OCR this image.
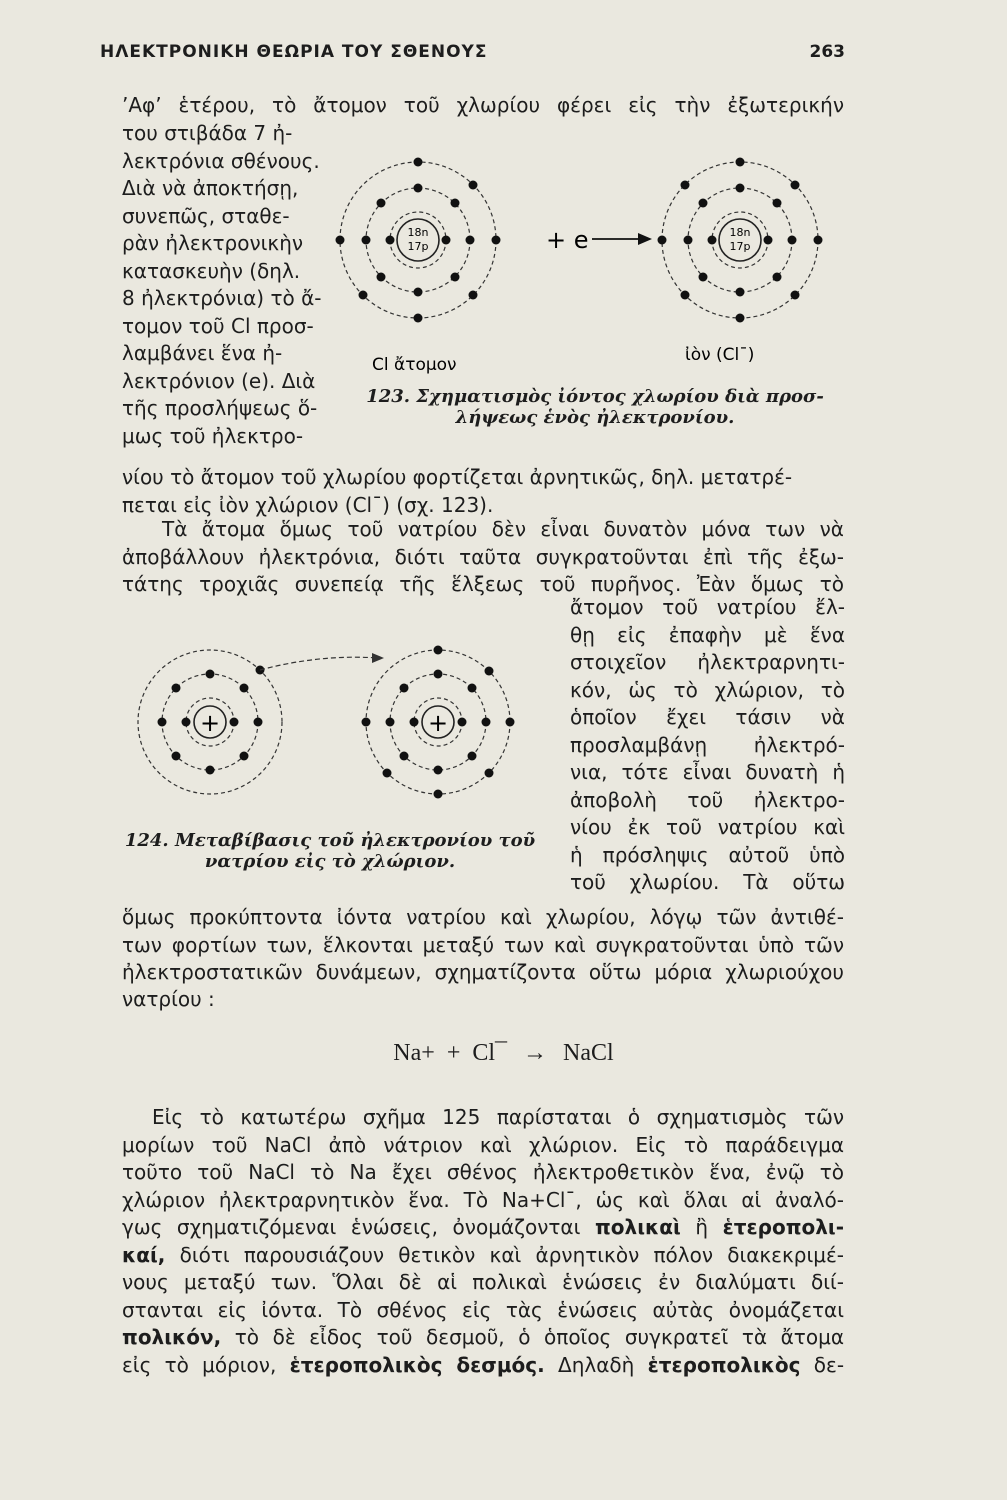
ΗΛΕΚΤΡΟΝΙΚΗ ΘΕΩΡΙΑ ΤΟΥ ΣΘΕΝΟΥΣ	263
’Αφ’ ἑτέρου, τὸ ἄτομον τοῦ χλωρίου φέρει εἰς τὴν ἐξωτερικήν
του στιβάδα 7 ἠ-
λεκτρόνια σθένους.
Διὰ νὰ ἀποκτήσῃ,
συνεπῶς, σταθε-
ρὰν ἠλεκτρονικὴν
κατασκευὴν (δηλ.
8 ἠλεκτρόνια) τὸ ἄ-
τομον τοῦ Cl προσ-
λαμβάνει ἕνα ἠ-
λεκτρόνιον (e). Διὰ
τῆς προσλήψεως ὅ-
μως τοῦ ἠλεκτρο-
18n
17p	+ e	18n
17p
Cl ἄτομον	ἰὸν (Cl¯)
123. Σχηματισμὸς ἰόντος χλωρίου διὰ προσ-
λήψεως ἑνὸς ἠλεκτρονίου.
νίου τὸ ἄτομον τοῦ χλωρίου φορτίζεται ἀρνητικῶς, δηλ. μετατρέ-
πεται εἰς ἰὸν χλώριον (Cl¯) (σχ. 123).
Τὰ ἄτομα ὅμως τοῦ νατρίου δὲν εἶναι δυνατὸν μόνα των νὰ
ἀποβάλλουν ἠλεκτρόνια, διότι ταῦτα συγκρατοῦνται ἐπὶ τῆς ἐξω-
τάτης τροχιᾶς συνεπείᾳ τῆς ἕλξεως τοῦ πυρῆνος. Ἐὰν ὅμως τὸ
+	+
124. Μεταβίβασις τοῦ ἠλεκτρονίου τοῦ
νατρίου εἰς τὸ χλώριον.
ἄτομον τοῦ νατρίου ἔλ-
θῃ εἰς ἐπαφὴν μὲ ἕνα
στοιχεῖον ἠλεκτραρνητι-
κόν, ὡς τὸ χλώριον, τὸ
ὁποῖον ἔχει τάσιν νὰ
προσλαμβάνῃ ἠλεκτρό-
νια, τότε εἶναι δυνατὴ ἡ
ἀποβολὴ τοῦ ἠλεκτρο-
νίου ἐκ τοῦ νατρίου καὶ
ἡ πρόσληψις αὐτοῦ ὑπὸ
τοῦ χλωρίου. Τὰ οὕτω
ὅμως προκύπτοντα ἰόντα νατρίου καὶ χλωρίου, λόγῳ τῶν ἀντιθέ-
των φορτίων των, ἕλκονται μεταξύ των καὶ συγκρατοῦνται ὑπὸ τῶν
ἠλεκτροστατικῶν δυνάμεων, σχηματίζοντα οὕτω μόρια χλωριούχου
νατρίου :
Na+ + Cl¯ → NaCl
Εἰς τὸ κατωτέρω σχῆμα 125 παρίσταται ὁ σχηματισμὸς τῶν
μορίων τοῦ NaCl ἀπὸ νάτριον καὶ χλώριον. Εἰς τὸ παράδειγμα
τοῦτο τοῦ NaCl τὸ Na ἔχει σθένος ἠλεκτροθετικὸν ἕνα, ἐνῷ τὸ
χλώριον ἠλεκτραρνητικὸν ἕνα. Τὸ Na+Cl¯, ὡς καὶ ὅλαι αἱ ἀναλό-
γως σχηματιζόμεναι ἑνώσεις, ὀνομάζονται πολικαὶ ἢ ἑτεροπολι-
καί, διότι παρουσιάζουν θετικὸν καὶ ἀρνητικὸν πόλον διακεκριμέ-
νους μεταξύ των. Ὅλαι δὲ αἱ πολικαὶ ἑνώσεις ἐν διαλύματι διί-
στανται εἰς ἰόντα. Τὸ σθένος εἰς τὰς ἑνώσεις αὐτὰς ὀνομάζεται
πολικόν, τὸ δὲ εἶδος τοῦ δεσμοῦ, ὁ ὁποῖος συγκρατεῖ τὰ ἄτομα
εἰς τὸ μόριον, ἑτεροπολικὸς δεσμός. Δηλαδὴ ἑτεροπολικὸς δε-
